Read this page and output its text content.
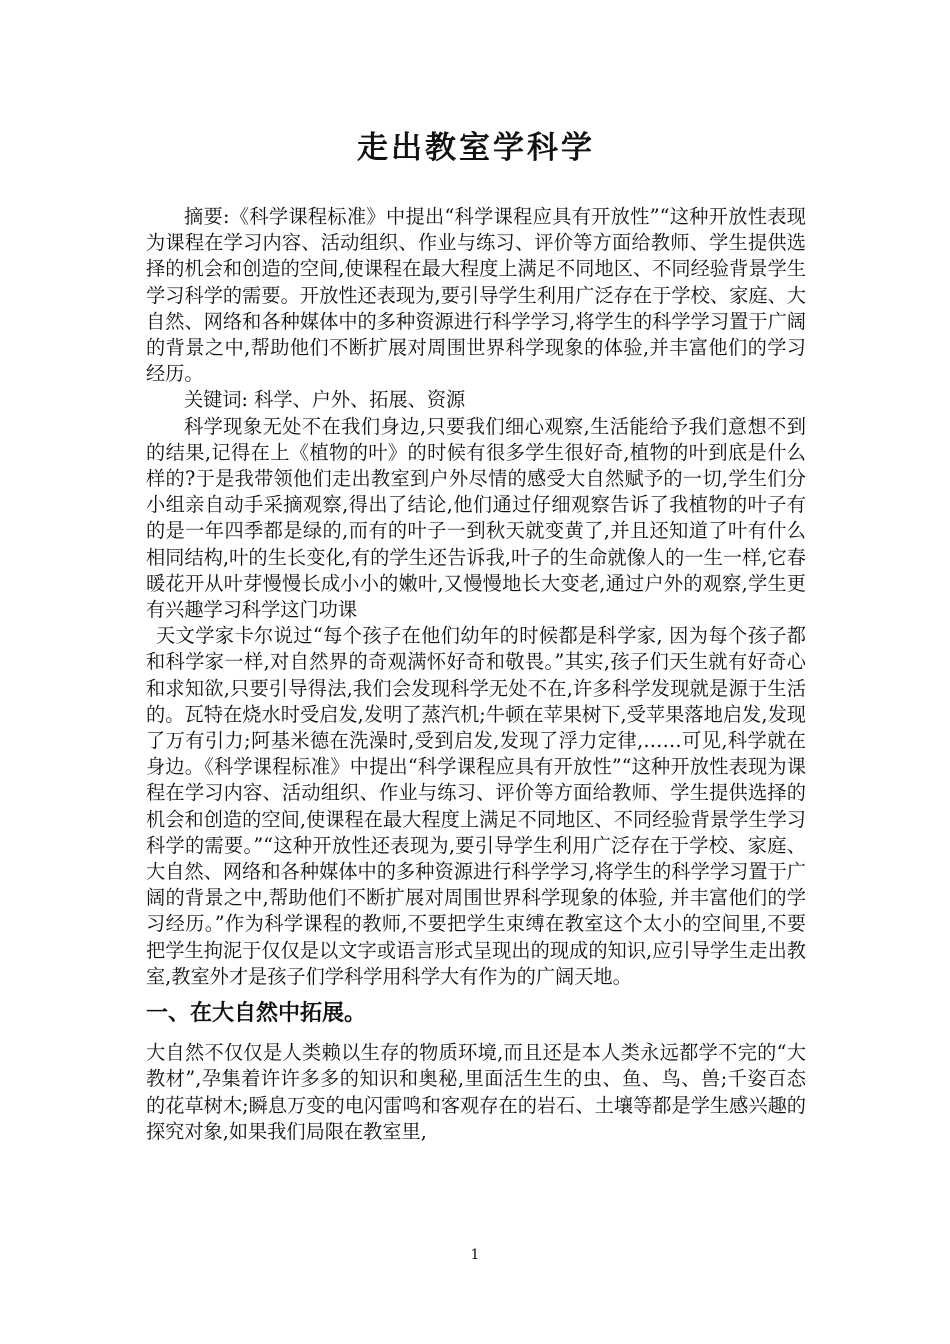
走出教室学科学

摘要:《科学课程标准》中提出“科学课程应具有开放性”“这种开放性表现为课程在学习内容、活动组织、作业与练习、评价等方面给教师、学生提供选择的机会和创造的空间,使课程在最大程度上满足不同地区、不同经验背景学生学习科学的需要。开放性还表现为,要引导学生利用广泛存在于学校、家庭、大自然、网络和各种媒体中的多种资源进行科学学习,将学生的科学学习置于广阔的背景之中,帮助他们不断扩展对周围世界科学现象的体验,并丰富他们的学习经历。

关键词: 科学、户外、拓展、资源

科学现象无处不在我们身边,只要我们细心观察,生活能给予我们意想不到的结果,记得在上《植物的叶》的时候有很多学生很好奇,植物的叶到底是什么样的?于是我带领他们走出教室到户外尽情的感受大自然赋予的一切,学生们分小组亲自动手采摘观察,得出了结论,他们通过仔细观察告诉了我植物的叶子有的是一年四季都是绿的,而有的叶子一到秋天就变黄了,并且还知道了叶有什么相同结构,叶的生长变化,有的学生还告诉我,叶子的生命就像人的一生一样,它春暖花开从叶芽慢慢长成小小的嫩叶,又慢慢地长大变老,通过户外的观察,学生更有兴趣学习科学这门功课

天文学家卡尔说过“每个孩子在他们幼年的时候都是科学家, 因为每个孩子都和科学家一样,对自然界的奇观满怀好奇和敬畏。”其实,孩子们天生就有好奇心和求知欲,只要引导得法,我们会发现科学无处不在,许多科学发现就是源于生活的。瓦特在烧水时受启发,发明了蒸汽机;牛顿在苹果树下,受苹果落地启发,发现了万有引力;阿基米德在洗澡时,受到启发,发现了浮力定律,……可见,科学就在身边。《科学课程标准》中提出“科学课程应具有开放性”“这种开放性表现为课程在学习内容、活动组织、作业与练习、评价等方面给教师、学生提供选择的机会和创造的空间,使课程在最大程度上满足不同地区、不同经验背景学生学习科学的需要。”“这种开放性还表现为,要引导学生利用广泛存在于学校、家庭、大自然、网络和各种媒体中的多种资源进行科学学习,将学生的科学学习置于广阔的背景之中,帮助他们不断扩展对周围世界科学现象的体验, 并丰富他们的学习经历。”作为科学课程的教师,不要把学生束缚在教室这个太小的空间里,不要把学生拘泥于仅仅是以文字或语言形式呈现出的现成的知识,应引导学生走出教室,教室外才是孩子们学科学用科学大有作为的广阔天地。

一、在大自然中拓展。

大自然不仅仅是人类赖以生存的物质环境,而且还是本人类永远都学不完的“大教材”,孕集着许许多多的知识和奥秘,里面活生生的虫、鱼、鸟、兽;千姿百态的花草树木;瞬息万变的电闪雷鸣和客观存在的岩石、土壤等都是学生感兴趣的探究对象,如果我们局限在教室里,

1
